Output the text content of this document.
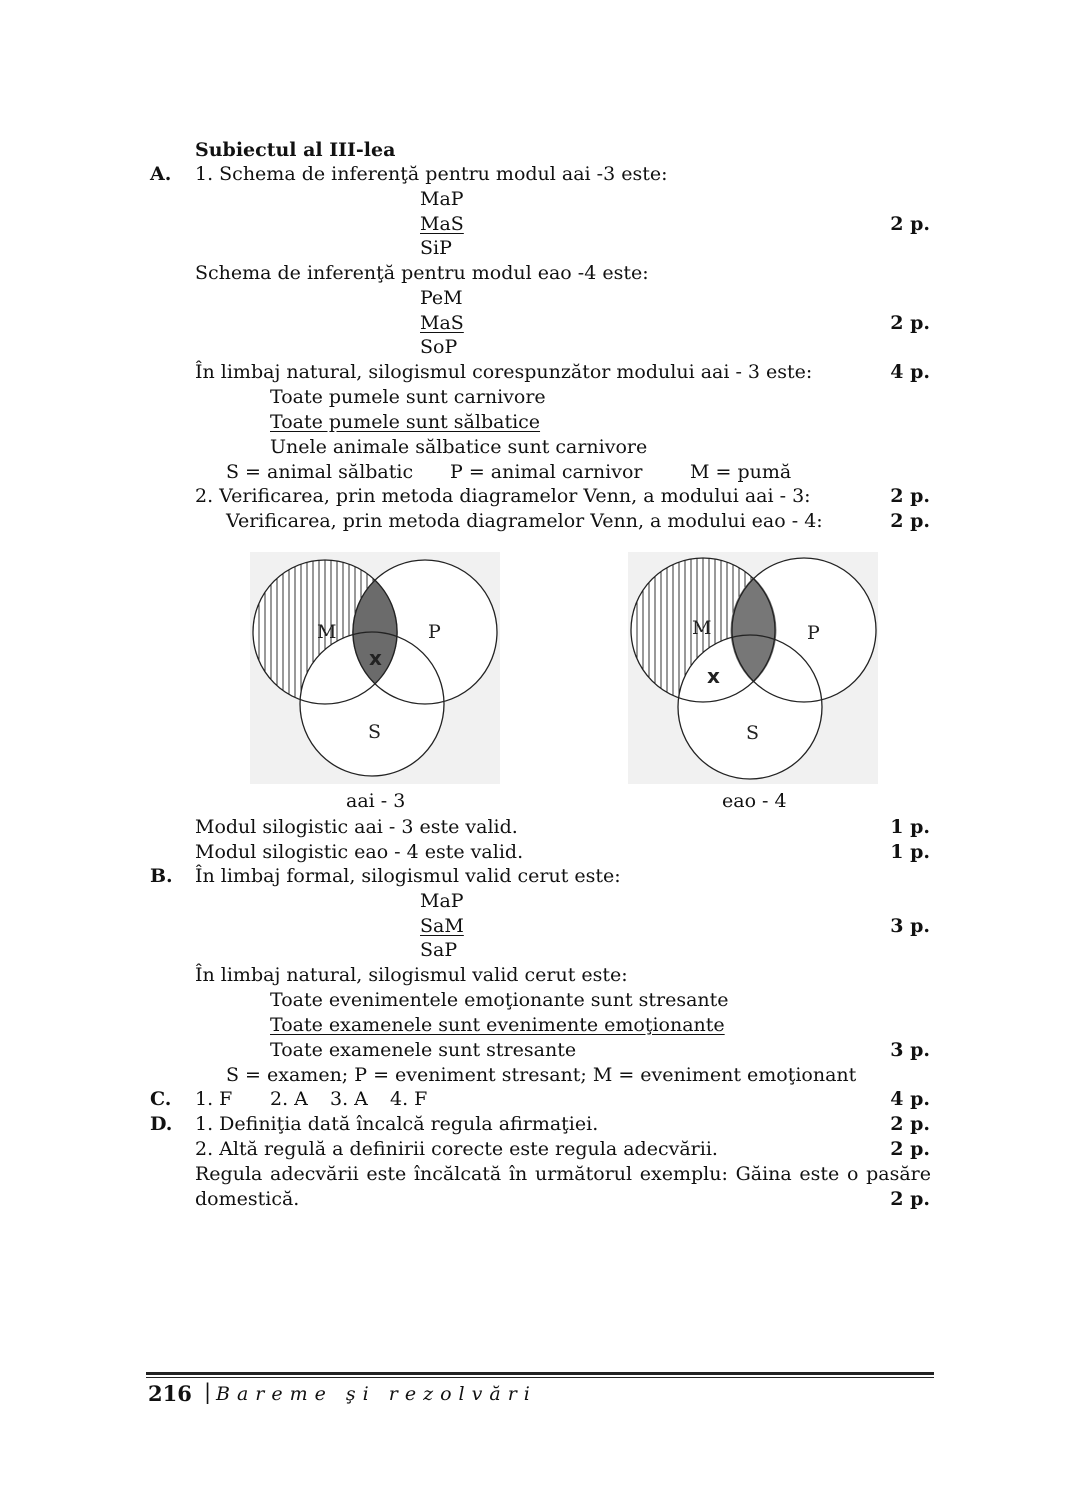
Subiectul al III-lea
A. 1. Schema de inferenţă pentru modul aai -3 este:
MaP
MaS	2 p.
SiP
Schema de inferenţă pentru modul eao -4 este:
PeM
MaS	2 p.
SoP
În limbaj natural, silogismul corespunzător modului aai - 3 este:	4 p.
Toate pumele sunt carnivore
Toate pumele sunt sălbatice
Unele animale sălbatice sunt carnivore
S = animal sălbatic P = animal carnivor M = pumă
2. Verificarea, prin metoda diagramelor Venn, a modului aai - 3:	2 p.
Verificarea, prin metoda diagramelor Venn, a modului eao - 4:	2 p.
M	P
S
x
aai - 3
M	P
S
x
eao - 4
Modul silogistic aai - 3 este valid.	1 p.
Modul silogistic eao - 4 este valid.	1 p.
B. În limbaj formal, silogismul valid cerut este:
MaP
SaM	3 p.
SaP
În limbaj natural, silogismul valid cerut este:
Toate evenimentele emoţionante sunt stresante
Toate examenele sunt evenimente emoţionante
Toate examenele sunt stresante	3 p.
S = examen; P = eveniment stresant; M = eveniment emoţionant
C. 1. F 2. A 3. A 4. F	4 p.
D. 1. Definiţia dată încalcă regula afirmaţiei.	2 p.
2. Altă regulă a definirii corecte este regula adecvării.	2 p.
Regula adecvării este încălcată în următorul exemplu: Găina este o pasăre
domestică.	2 p.
216 | Bareme şi rezolvări
